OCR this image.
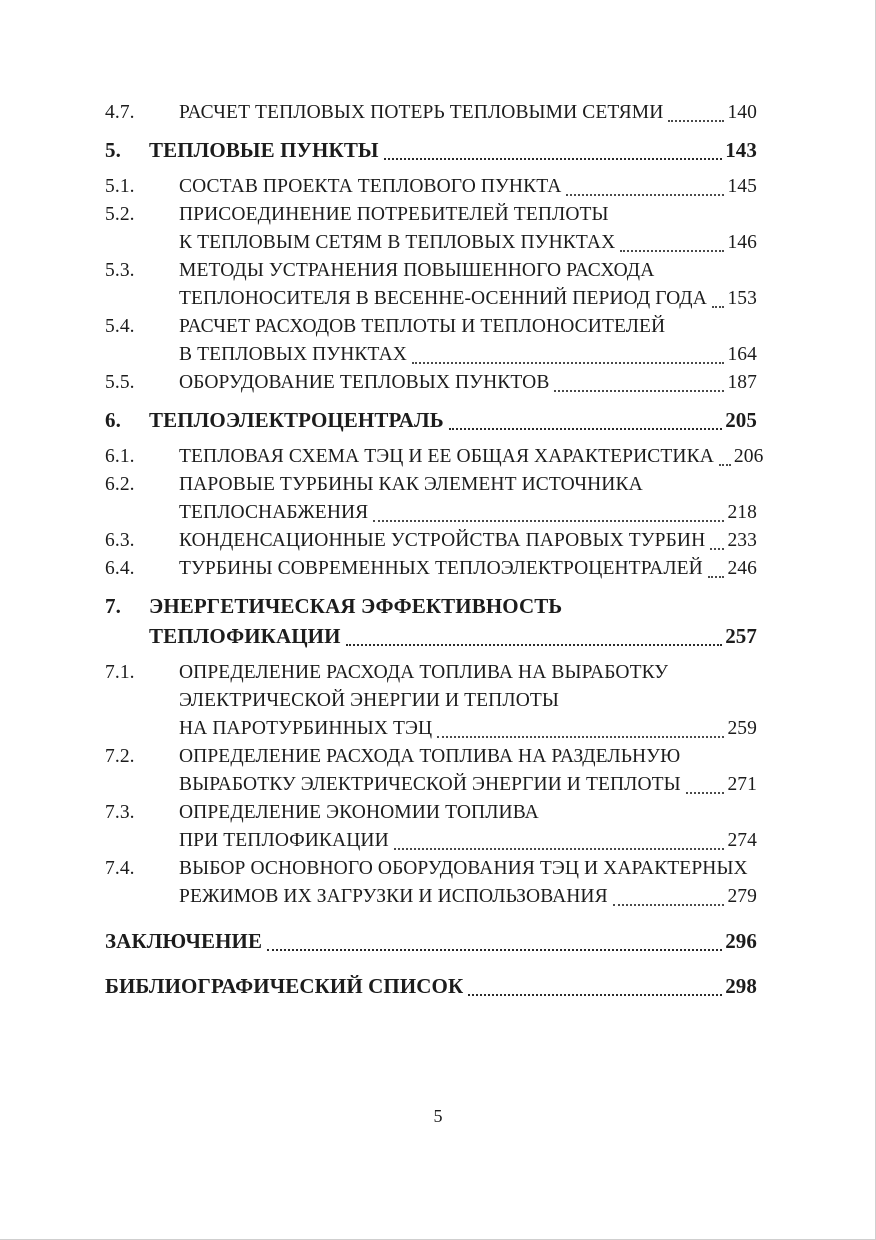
4.7.	РАСЧЕТ ТЕПЛОВЫХ ПОТЕРЬ ТЕПЛОВЫМИ СЕТЯМИ	140
5.	ТЕПЛОВЫЕ ПУНКТЫ	143
5.1.	СОСТАВ ПРОЕКТА ТЕПЛОВОГО ПУНКТА	145
5.2.	ПРИСОЕДИНЕНИЕ ПОТРЕБИТЕЛЕЙ ТЕПЛОТЫ
К ТЕПЛОВЫМ СЕТЯМ В ТЕПЛОВЫХ ПУНКТАХ	146
5.3.	МЕТОДЫ УСТРАНЕНИЯ ПОВЫШЕННОГО РАСХОДА
ТЕПЛОНОСИТЕЛЯ В ВЕСЕННЕ-ОСЕННИЙ ПЕРИОД ГОДА 153
5.4.	РАСЧЕТ РАСХОДОВ ТЕПЛОТЫ И ТЕПЛОНОСИТЕЛЕЙ
В ТЕПЛОВЫХ ПУНКТАХ	164
5.5.	ОБОРУДОВАНИЕ ТЕПЛОВЫХ ПУНКТОВ	187
6.	ТЕПЛОЭЛЕКТРОЦЕНТРАЛЬ	205
6.1.	ТЕПЛОВАЯ СХЕМА ТЭЦ И ЕЕ ОБЩАЯ ХАРАКТЕРИСТИКА 206
6.2.	ПАРОВЫЕ ТУРБИНЫ КАК ЭЛЕМЕНТ ИСТОЧНИКА
ТЕПЛОСНАБЖЕНИЯ	218
6.3.	КОНДЕНСАЦИОННЫЕ УСТРОЙСТВА ПАРОВЫХ ТУРБИН 233
6.4.	ТУРБИНЫ СОВРЕМЕННЫХ ТЕПЛОЭЛЕКТРОЦЕНТРАЛЕЙ 246
7.	ЭНЕРГЕТИЧЕСКАЯ ЭФФЕКТИВНОСТЬ
ТЕПЛОФИКАЦИИ	257
7.1.	ОПРЕДЕЛЕНИЕ РАСХОДА ТОПЛИВА НА ВЫРАБОТКУ
ЭЛЕКТРИЧЕСКОЙ ЭНЕРГИИ И ТЕПЛОТЫ
НА ПАРОТУРБИННЫХ ТЭЦ	259
7.2.	ОПРЕДЕЛЕНИЕ РАСХОДА ТОПЛИВА НА РАЗДЕЛЬНУЮ
ВЫРАБОТКУ ЭЛЕКТРИЧЕСКОЙ ЭНЕРГИИ И ТЕПЛОТЫ 271
7.3.	ОПРЕДЕЛЕНИЕ ЭКОНОМИИ ТОПЛИВА
ПРИ ТЕПЛОФИКАЦИИ	274
7.4.	ВЫБОР ОСНОВНОГО ОБОРУДОВАНИЯ ТЭЦ И ХАРАКТЕРНЫХ
РЕЖИМОВ ИХ ЗАГРУЗКИ И ИСПОЛЬЗОВАНИЯ	279
ЗАКЛЮЧЕНИЕ	296
БИБЛИОГРАФИЧЕСКИЙ СПИСОК	298
5
